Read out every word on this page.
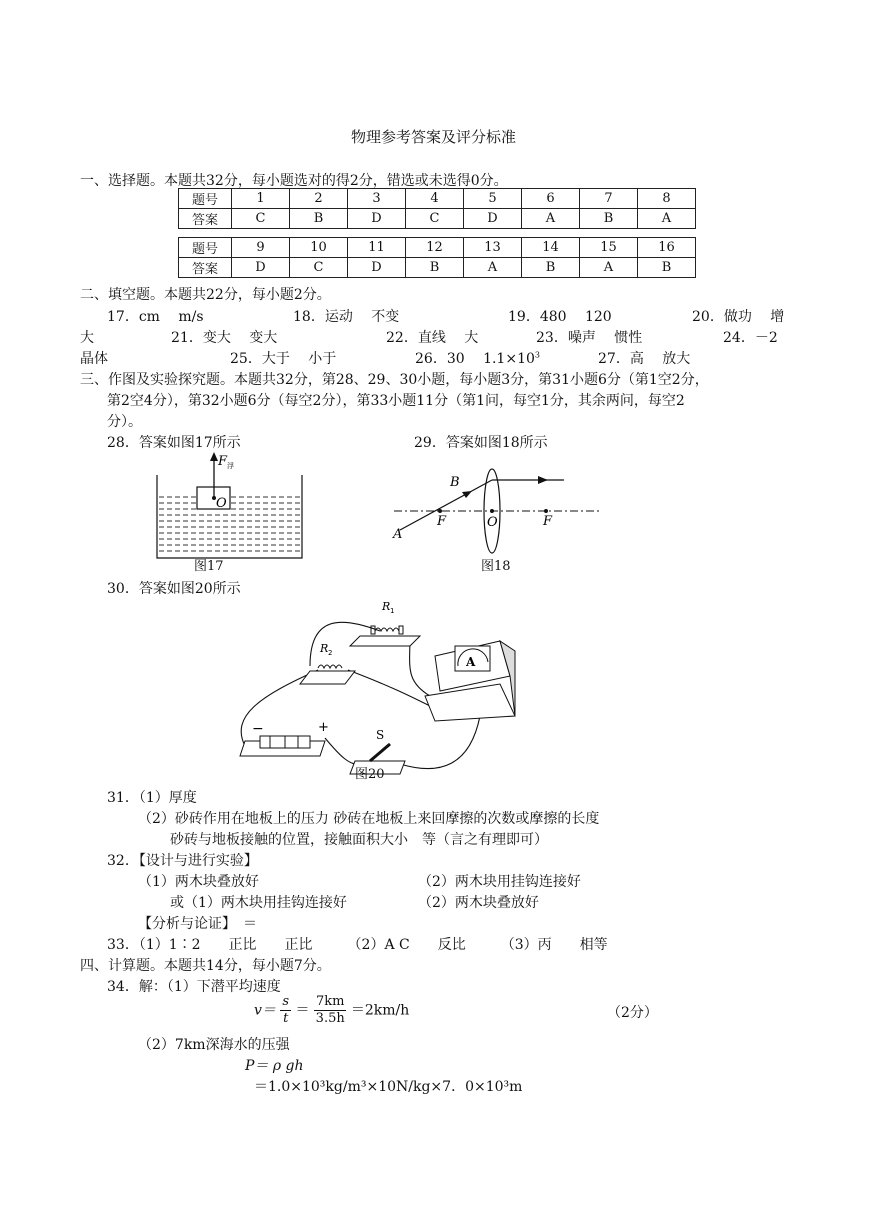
物理参考答案及评分标准
一、选择题。本题共32分，每小题选对的得2分，错选或未选得0分。
题号	1	2	3	4	5	6	7	8
答案	C	B	D	C	D	A	B	A
题号	9	10	11	12	13	14	15	16
答案	D	C	D	B	A	B	A	B
二、填空题。本题共22分，每小题2分。
17．cm　 m/s	18．运动　 不变	19．480　 120	20．做功　 增
大	21．变大　 变大	22．直线　 大	23．噪声　 惯性	24．－2
晶体	25．大于　 小于	26．30　 $1.1\times 10^3$	27．高　 放大
三、作图及实验探究题。本题共32分，第28、29、30小题，每小题3分，第31小题6分（第1空2分，
第2空4分），第32小题6分（每空2分），第33小题11分（第1问，每空1分，其余两问，每空2
分）。
28．答案如图17所示	29．答案如图18所示
F 浮
O
图17
A
B
F	O	F
图18
30．答案如图20所示
R 1
R 2
A
−	+	S
图20
31．（1）厚度
（2）砂砖作用在地板上的压力 砂砖在地板上来回摩擦的次数或摩擦的长度
砂砖与地板接触的位置，接触面积大小　等（言之有理即可）
32．【设计与进行实验】
（1）两木块叠放好	（2）两木块用挂钩连接好
或（1）两木块用挂钩连接好	（2）两木块叠放好
【分析与论证】　＝
33．（1）1∶2　　正比　　正比　　　（2）A C　　反比　　　（3）丙　　相等
四、计算题。本题共14分，每小题7分。
34．解：（1）下潜平均速度
$v= \frac{s}{t} = \frac{7km}{3.5h} =2km/h$	（2分）
（2）7km深海水的压强
P＝ ρ gh
＝1.0×10³kg/m³×10N/kg×7．0×10³m
